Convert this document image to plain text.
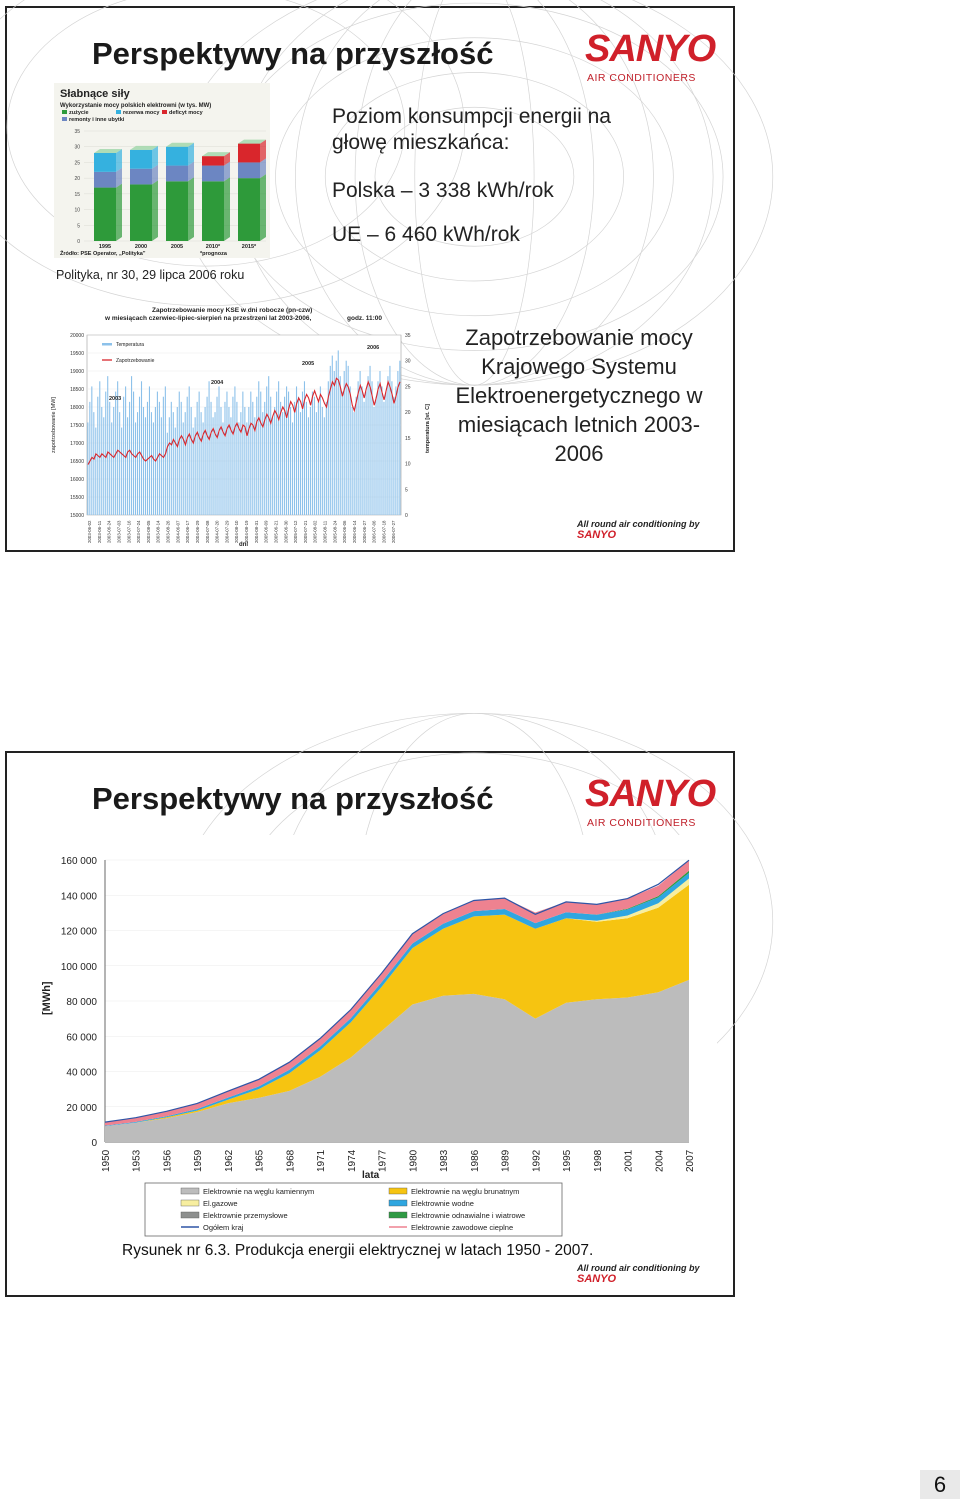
Perspektywy na przyszłość SANYO
AIR CONDITIONERS
Słabnące siły
Wykorzystanie mocy polskich elektrowni (w tys. MW)
zużycie
remonty i inne ubytki
rezerwa mocy deficyt mocy
35
30
25
20
15
10
5
0
1995	2000	2005	2010*	2015*
Źródło: PSE Operator, „Polityka"	*prognoza
Polityka, nr 30, 29 lipca 2006 roku
Poziom konsumpcji energii na głowę mieszkańca:
Polska – 3 338 kWh/rok
UE – 6 460 kWh/rok
Zapotrzebowanie mocy KSE w dni robocze (pn-czw)
w miesiącach czerwiec-lipiec-sierpień na przestrzeni lat 2003-2006,	godz. 11:00
20000
19500
19000
18500
18000
17500
17000
16500
16000
15500
15000
35
30
25
20
15
10
5
0
Temperatura
Zapotrzebowanie
2003
2004
2005
2006
2003-06-02 2003-06-11 2003-06-24 2003-07-03 2003-07-16 2003-07-24 2003-08-05 2003-08-14 2003-08-26 2004-06-07 2004-06-17 2004-06-29 2004-07-08 2004-07-20 2004-07-29 2004-08-10 2004-08-19 2004-08-31 2005-06-09 2005-06-21 2005-06-30 2005-07-12 2005-07-21 2005-08-02 2005-08-11 2005-08-24 2006-06-06 2006-06-14 2006-06-27 2006-07-06 2006-07-18 2006-07-27
zapotrzebowanie [MW]	temperatura [st. C]
dni
Zapotrzebowanie mocy Krajowego Systemu Elektroenergetycznego w miesiącach letnich 2003-2006
All round air conditioning by SANYO
Perspektywy na przyszłość SANYO
AIR CONDITIONERS
160 000
140 000
120 000
100 000
80 000
60 000
40 000
20 000
0
1950 1953 1956 1959 1962 1965 1968 1971 1974 1977 1980 1983 1986 1989 1992 1995 1998 2001 2004 2007
[MWh]
lata
Elektrownie na węglu kamiennym	Elektrownie na węglu brunatnym
El.gazowe	Elektrownie wodne
Elektrownie przemysłowe	Elektrownie odnawialne i wiatrowe
Ogółem kraj	Elektrownie zawodowe cieplne
Rysunek nr 6.3. Produkcja energii elektrycznej w latach 1950 - 2007.
All round air conditioning by SANYO
6
